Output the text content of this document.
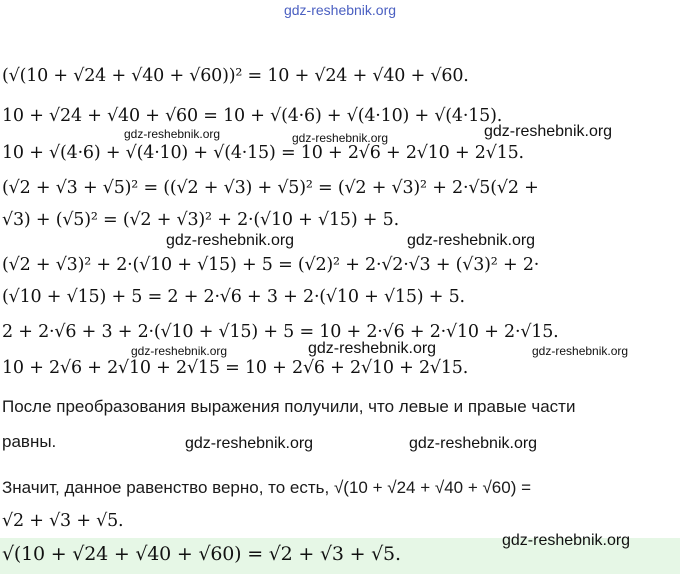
gdz-reshebnik.org
(√(10 + √24 + √40 + √60))² = 10 + √24 + √40 + √60.
10 + √24 + √40 + √60 = 10 + √(4·6) + √(4·10) + √(4·15).
10 + √(4·6) + √(4·10) + √(4·15) = 10 + 2√6 + 2√10 + 2√15.
(√2 + √3 + √5)² = ((√2 + √3) + √5)² = (√2 + √3)² + 2·√5(√2 +
√3) + (√5)² = (√2 + √3)² + 2·(√10 + √15) + 5.
(√2 + √3)² + 2·(√10 + √15) + 5 = (√2)² + 2·√2·√3 + (√3)² + 2·
(√10 + √15) + 5 = 2 + 2·√6 + 3 + 2·(√10 + √15) + 5.
2 + 2·√6 + 3 + 2·(√10 + √15) + 5 = 10 + 2·√6 + 2·√10 + 2·√15.
10 + 2√6 + 2√10 + 2√15 = 10 + 2√6 + 2√10 + 2√15.
После преобразования выражения получили, что левые и правые части
равны.
Значит, данное равенство верно, то есть, √(10 + √24 + √40 + √60) =
√2 + √3 + √5.
√(10 + √24 + √40 + √60) = √2 + √3 + √5.
gdz-reshebnik.org	gdz-reshebnik.org	gdz-reshebnik.org
gdz-reshebnik.org	gdz-reshebnik.org
gdz-reshebnik.org	gdz-reshebnik.org	gdz-reshebnik.org
gdz-reshebnik.org	gdz-reshebnik.org
gdz-reshebnik.org
